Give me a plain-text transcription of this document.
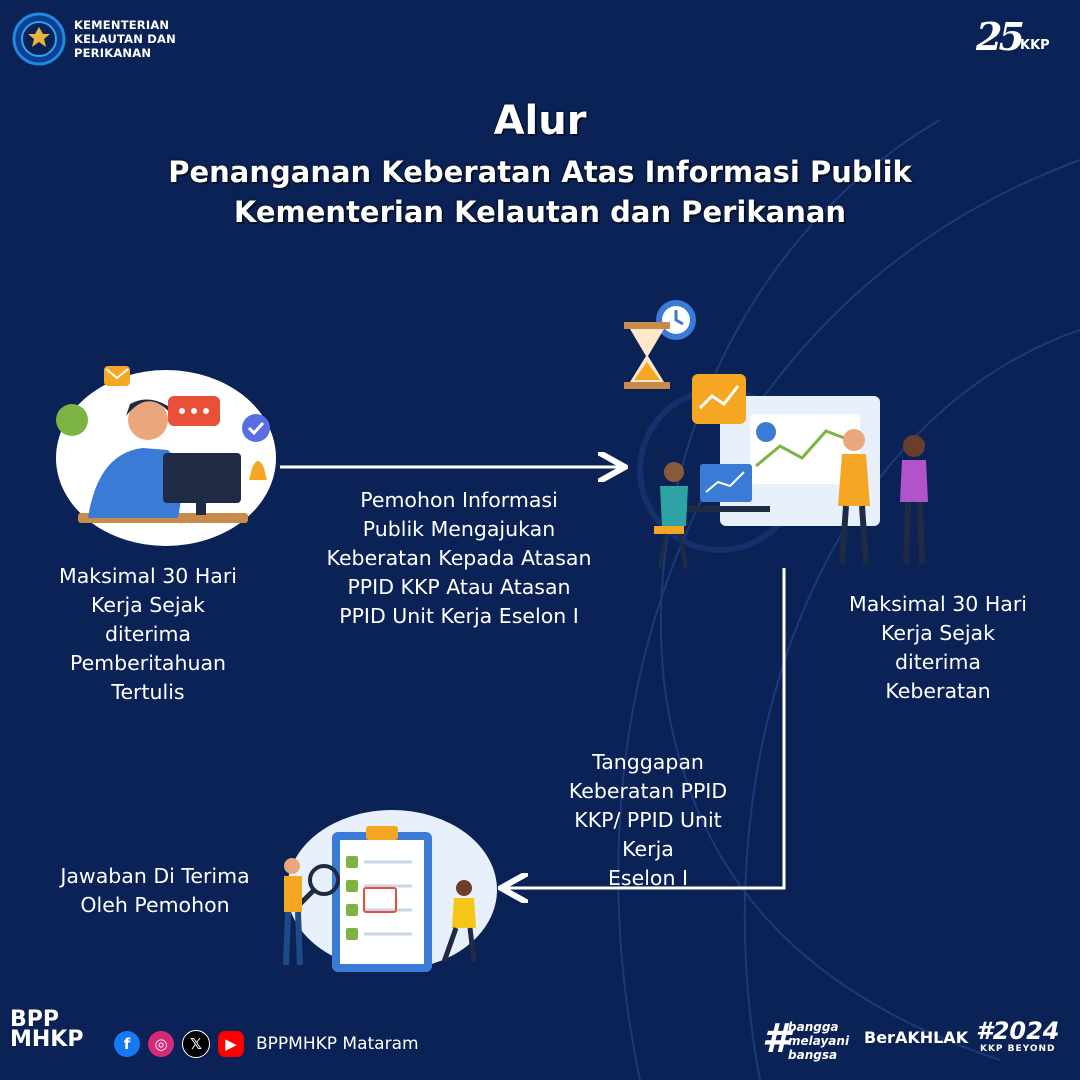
KEMENTERIAN
KELAUTAN DAN
PERIKANAN	25 KKP
Alur
Penanganan Keberatan Atas Informasi Publik Kementerian Kelautan dan Perikanan
Maksimal 30 Hari
Kerja Sejak
diterima
Pemberitahuan
Tertulis
Pemohon Informasi
Publik Mengajukan
Keberatan Kepada Atasan
PPID KKP Atau Atasan
PPID Unit Kerja Eselon I	Maksimal 30 Hari
Kerja Sejak
diterima
Keberatan
Tanggapan
Keberatan PPID
KKP/ PPID Unit Kerja
Eselon I
Jawaban Di Terima
Oleh Pemohon
BPP
MHKP	f	◎	𝕏	▶	BPPMHKP Mataram	#
bangga
melayani
bangsa
BerAKHLAK #2024
KKP BEYOND
